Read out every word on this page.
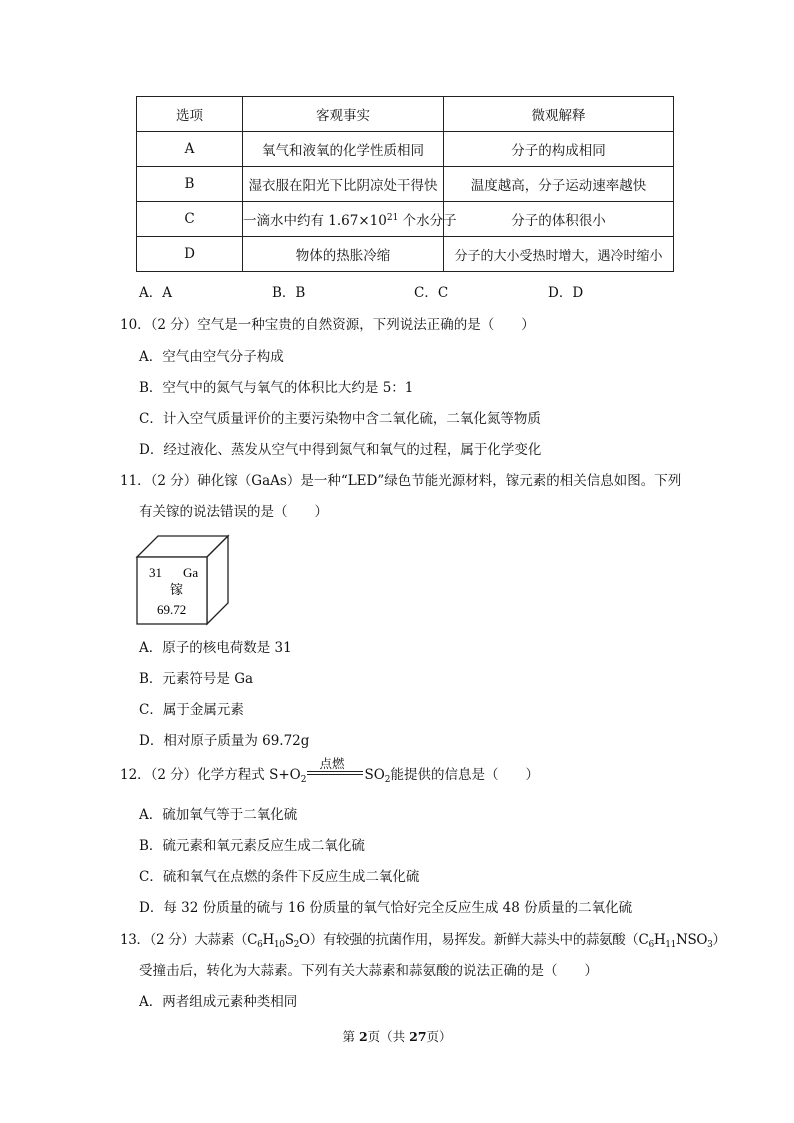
选项	客观事实	微观解释
A	氧气和液氧的化学性质相同	分子的构成相同
B	湿衣服在阳光下比阴凉处干得快	温度越高，分子运动速率越快
C	一滴水中约有 $1.67\times 10^{21}$ 个水分子	分子的体积很小
D	物体的热胀冷缩	分子的大小受热时增大，遇冷时缩小
A．A	B．B	C．C	D．D
10．（2 分）空气是一种宝贵的自然资源，下列说法正确的是（　　）
A．空气由空气分子构成
B．空气中的氮气与氧气的体积比大约是 5：1
C．计入空气质量评价的主要污染物中含二氧化硫，二氧化氮等物质
D．经过液化、蒸发从空气中得到氮气和氧气的过程，属于化学变化
11．（2 分）砷化镓（GaAs）是一种“LED”绿色节能光源材料，镓元素的相关信息如图。下列
有关镓的说法错误的是（　　）
31 Ga
镓
69.72
A．原子的核电荷数是 31
B．元素符号是 Ga
C．属于金属元素
D．相对原子质量为 69.72g
12．（2 分）化学方程式 $S+O_2$
点燃
$SO_2$能提供的信息是（　　）
A．硫加氧气等于二氧化硫
B．硫元素和氧元素反应生成二氧化硫
C．硫和氧气在点燃的条件下反应生成二氧化硫
D．每 32 份质量的硫与 16 份质量的氧气恰好完全反应生成 48 份质量的二氧化硫
13．（2 分）大蒜素$(C_6H_{10}S_2O)$有较强的抗菌作用，易挥发。新鲜大蒜头中的蒜氨酸$(C_6H_{11}NSO_3)$
受撞击后，转化为大蒜素。下列有关大蒜素和蒜氨酸的说法正确的是（　　）
A．两者组成元素种类相同
第 2页（共 27页）
